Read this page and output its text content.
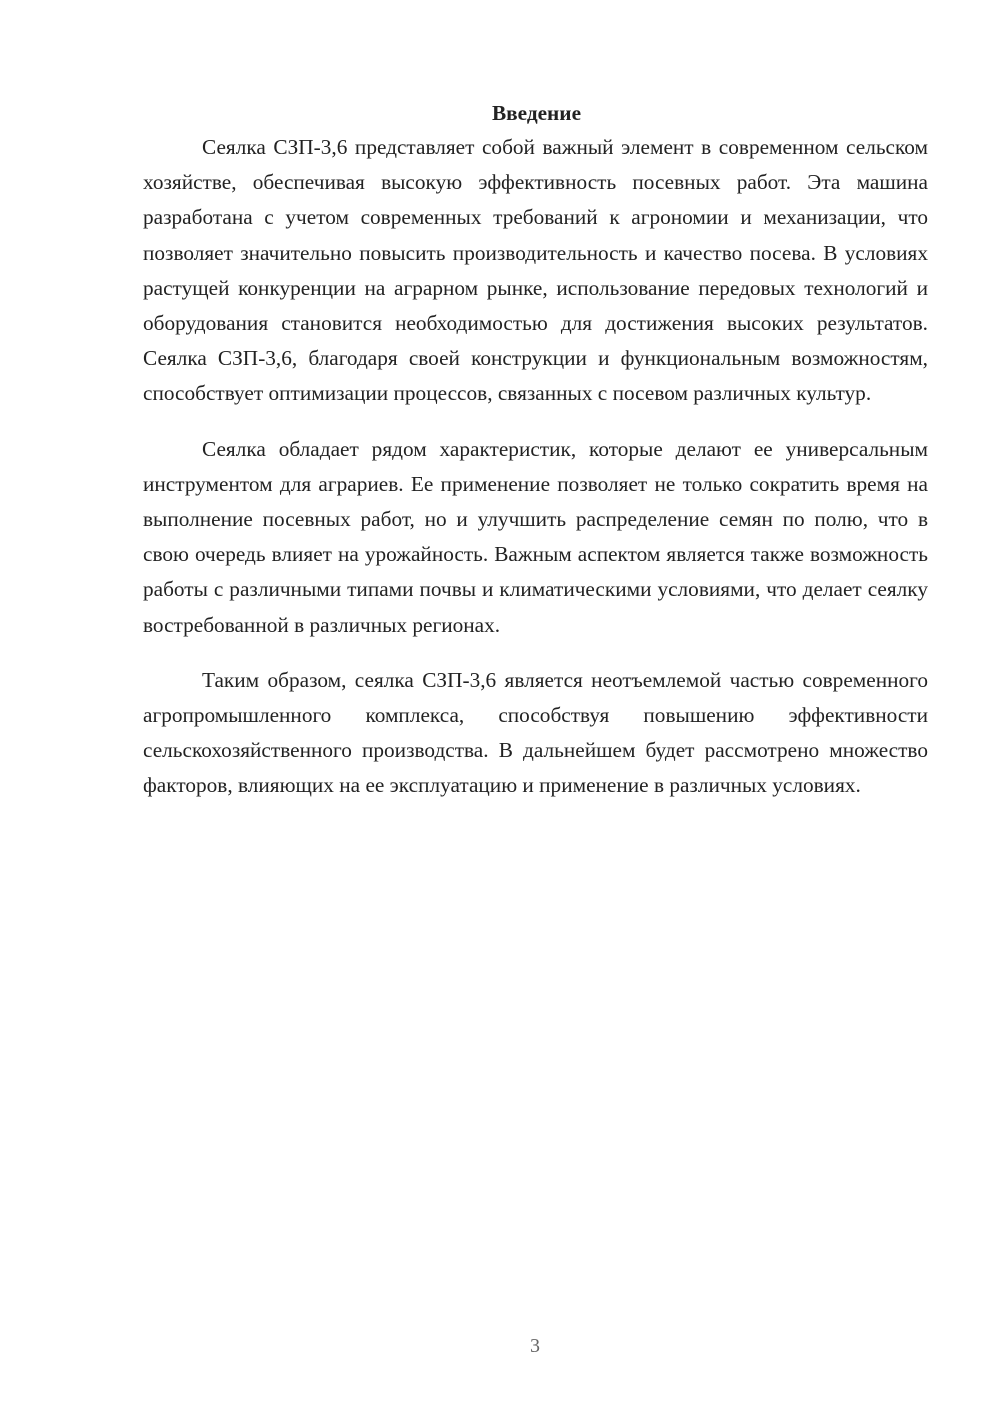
Введение

Сеялка СЗП-3,6 представляет собой важный элемент в современном сельском хозяйстве, обеспечивая высокую эффективность посевных работ. Эта машина разработана с учетом современных требований к агрономии и механизации, что позволяет значительно повысить производительность и качество посева. В условиях растущей конкуренции на аграрном рынке, использование передовых технологий и оборудования становится необходимостью для достижения высоких результатов. Сеялка СЗП-3,6, благодаря своей конструкции и функциональным возможностям, способствует оптимизации процессов, связанных с посевом различных культур.

Сеялка обладает рядом характеристик, которые делают ее универсальным инструментом для аграриев. Ее применение позволяет не только сократить время на выполнение посевных работ, но и улучшить распределение семян по полю, что в свою очередь влияет на урожайность. Важным аспектом является также возможность работы с различными типами почвы и климатическими условиями, что делает сеялку востребованной в различных регионах.

Таким образом, сеялка СЗП-3,6 является неотъемлемой частью современного агропромышленного комплекса, способствуя повышению эффективности сельскохозяйственного производства. В дальнейшем будет рассмотрено множество факторов, влияющих на ее эксплуатацию и применение в различных условиях.

3
